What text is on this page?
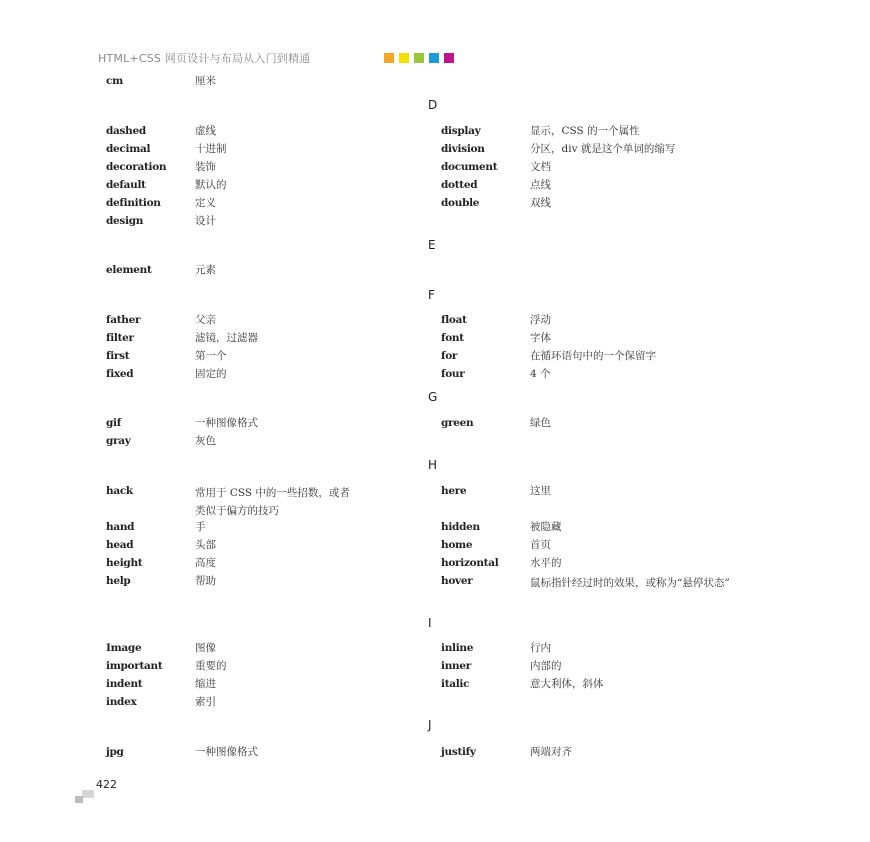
HTML+CSS 网页设计与布局从入门到精通
D
E
F
G
H
I
J
cm	厘米
dashed	虚线
decimal	十进制
decoration	装饰
default	默认的
definition	定义
design	设计
element	元素
father	父亲
filter	滤镜，过滤器
first	第一个
fixed	固定的
gif	一种图像格式
gray	灰色
hack	常用于 CSS 中的一些招数，或者类似于偏方的技巧
hand	手
head	头部
height	高度
help	帮助
Image	图像
important	重要的
indent	缩进
index	索引
jpg	一种图像格式
display	显示，CSS 的一个属性
division	分区，div 就是这个单词的缩写
document	文档
dotted	点线
double	双线
float	浮动
font	字体
for	在循环语句中的一个保留字
four	4 个
green	绿色
here	这里
hidden	被隐藏
home	首页
horizontal	水平的
hover	鼠标指针经过时的效果，或称为“悬停状态”
inline	行内
inner	内部的
italic	意大利体，斜体
justify	两端对齐
422
